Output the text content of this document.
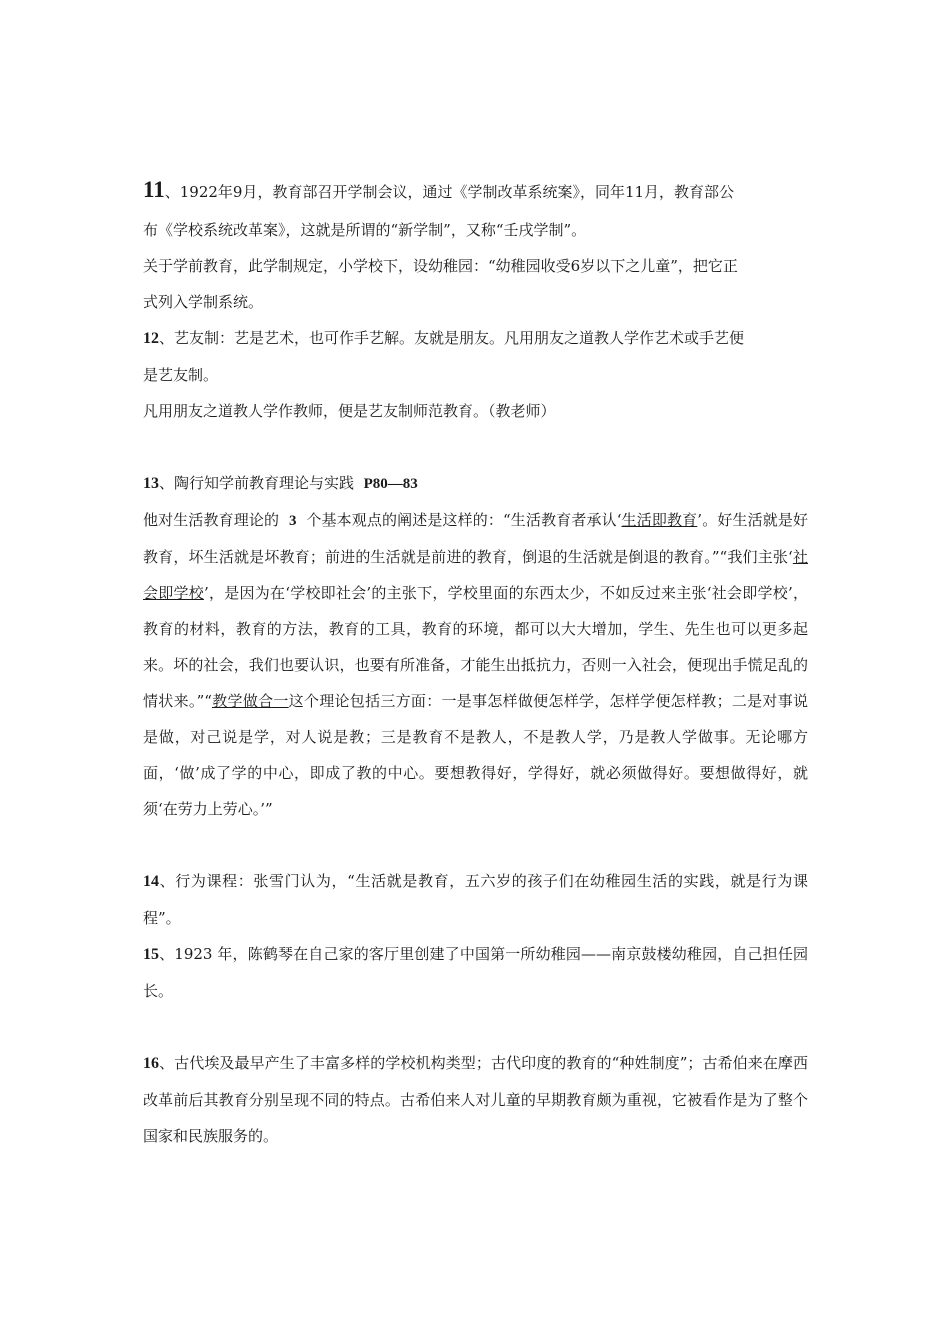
11、1922年9月，教育部召开学制会议，通过《学制改革系统案》，同年11月，教育部公

布《学校系统改革案》，这就是所谓的“新学制”，又称“壬戌学制”。

关于学前教育，此学制规定，小学校下，设幼稚园：“幼稚园收受6岁以下之儿童”，把它正

式列入学制系统。

12、艺友制：艺是艺术，也可作手艺解。友就是朋友。凡用朋友之道教人学作艺术或手艺便

是艺友制。

凡用朋友之道教人学作教师，便是艺友制师范教育。（教老师）

13、陶行知学前教育理论与实践 P80—83

他对生活教育理论的 3 个基本观点的阐述是这样的：“生活教育者承认‘生活即教育’。好生活就是好教育，坏生活就是坏教育；前进的生活就是前进的教育，倒退的生活就是倒退的教育。”“我们主张‘社会即学校’，是因为在‘学校即社会’的主张下，学校里面的东西太少，不如反过来主张‘社会即学校’，教育的材料，教育的方法，教育的工具，教育的环境，都可以大大增加，学生、先生也可以更多起来。坏的社会，我们也要认识，也要有所准备，才能生出抵抗力，否则一入社会，便现出手慌足乱的情状来。”“教学做合一这个理论包括三方面：一是事怎样做便怎样学，怎样学便怎样教；二是对事说是做，对己说是学，对人说是教；三是教育不是教人，不是教人学，乃是教人学做事。无论哪方面，‘做’成了学的中心，即成了教的中心。要想教得好，学得好，就必须做得好。要想做得好，就须‘在劳力上劳心。’”

14、行为课程：张雪门认为，“生活就是教育，五六岁的孩子们在幼稚园生活的实践，就是行为课程”。

15、1923 年，陈鹤琴在自己家的客厅里创建了中国第一所幼稚园——南京鼓楼幼稚园，自己担任园长。

16、古代埃及最早产生了丰富多样的学校机构类型；古代印度的教育的“种姓制度”；古希伯来在摩西改革前后其教育分别呈现不同的特点。古希伯来人对儿童的早期教育颇为重视，它被看作是为了整个国家和民族服务的。
